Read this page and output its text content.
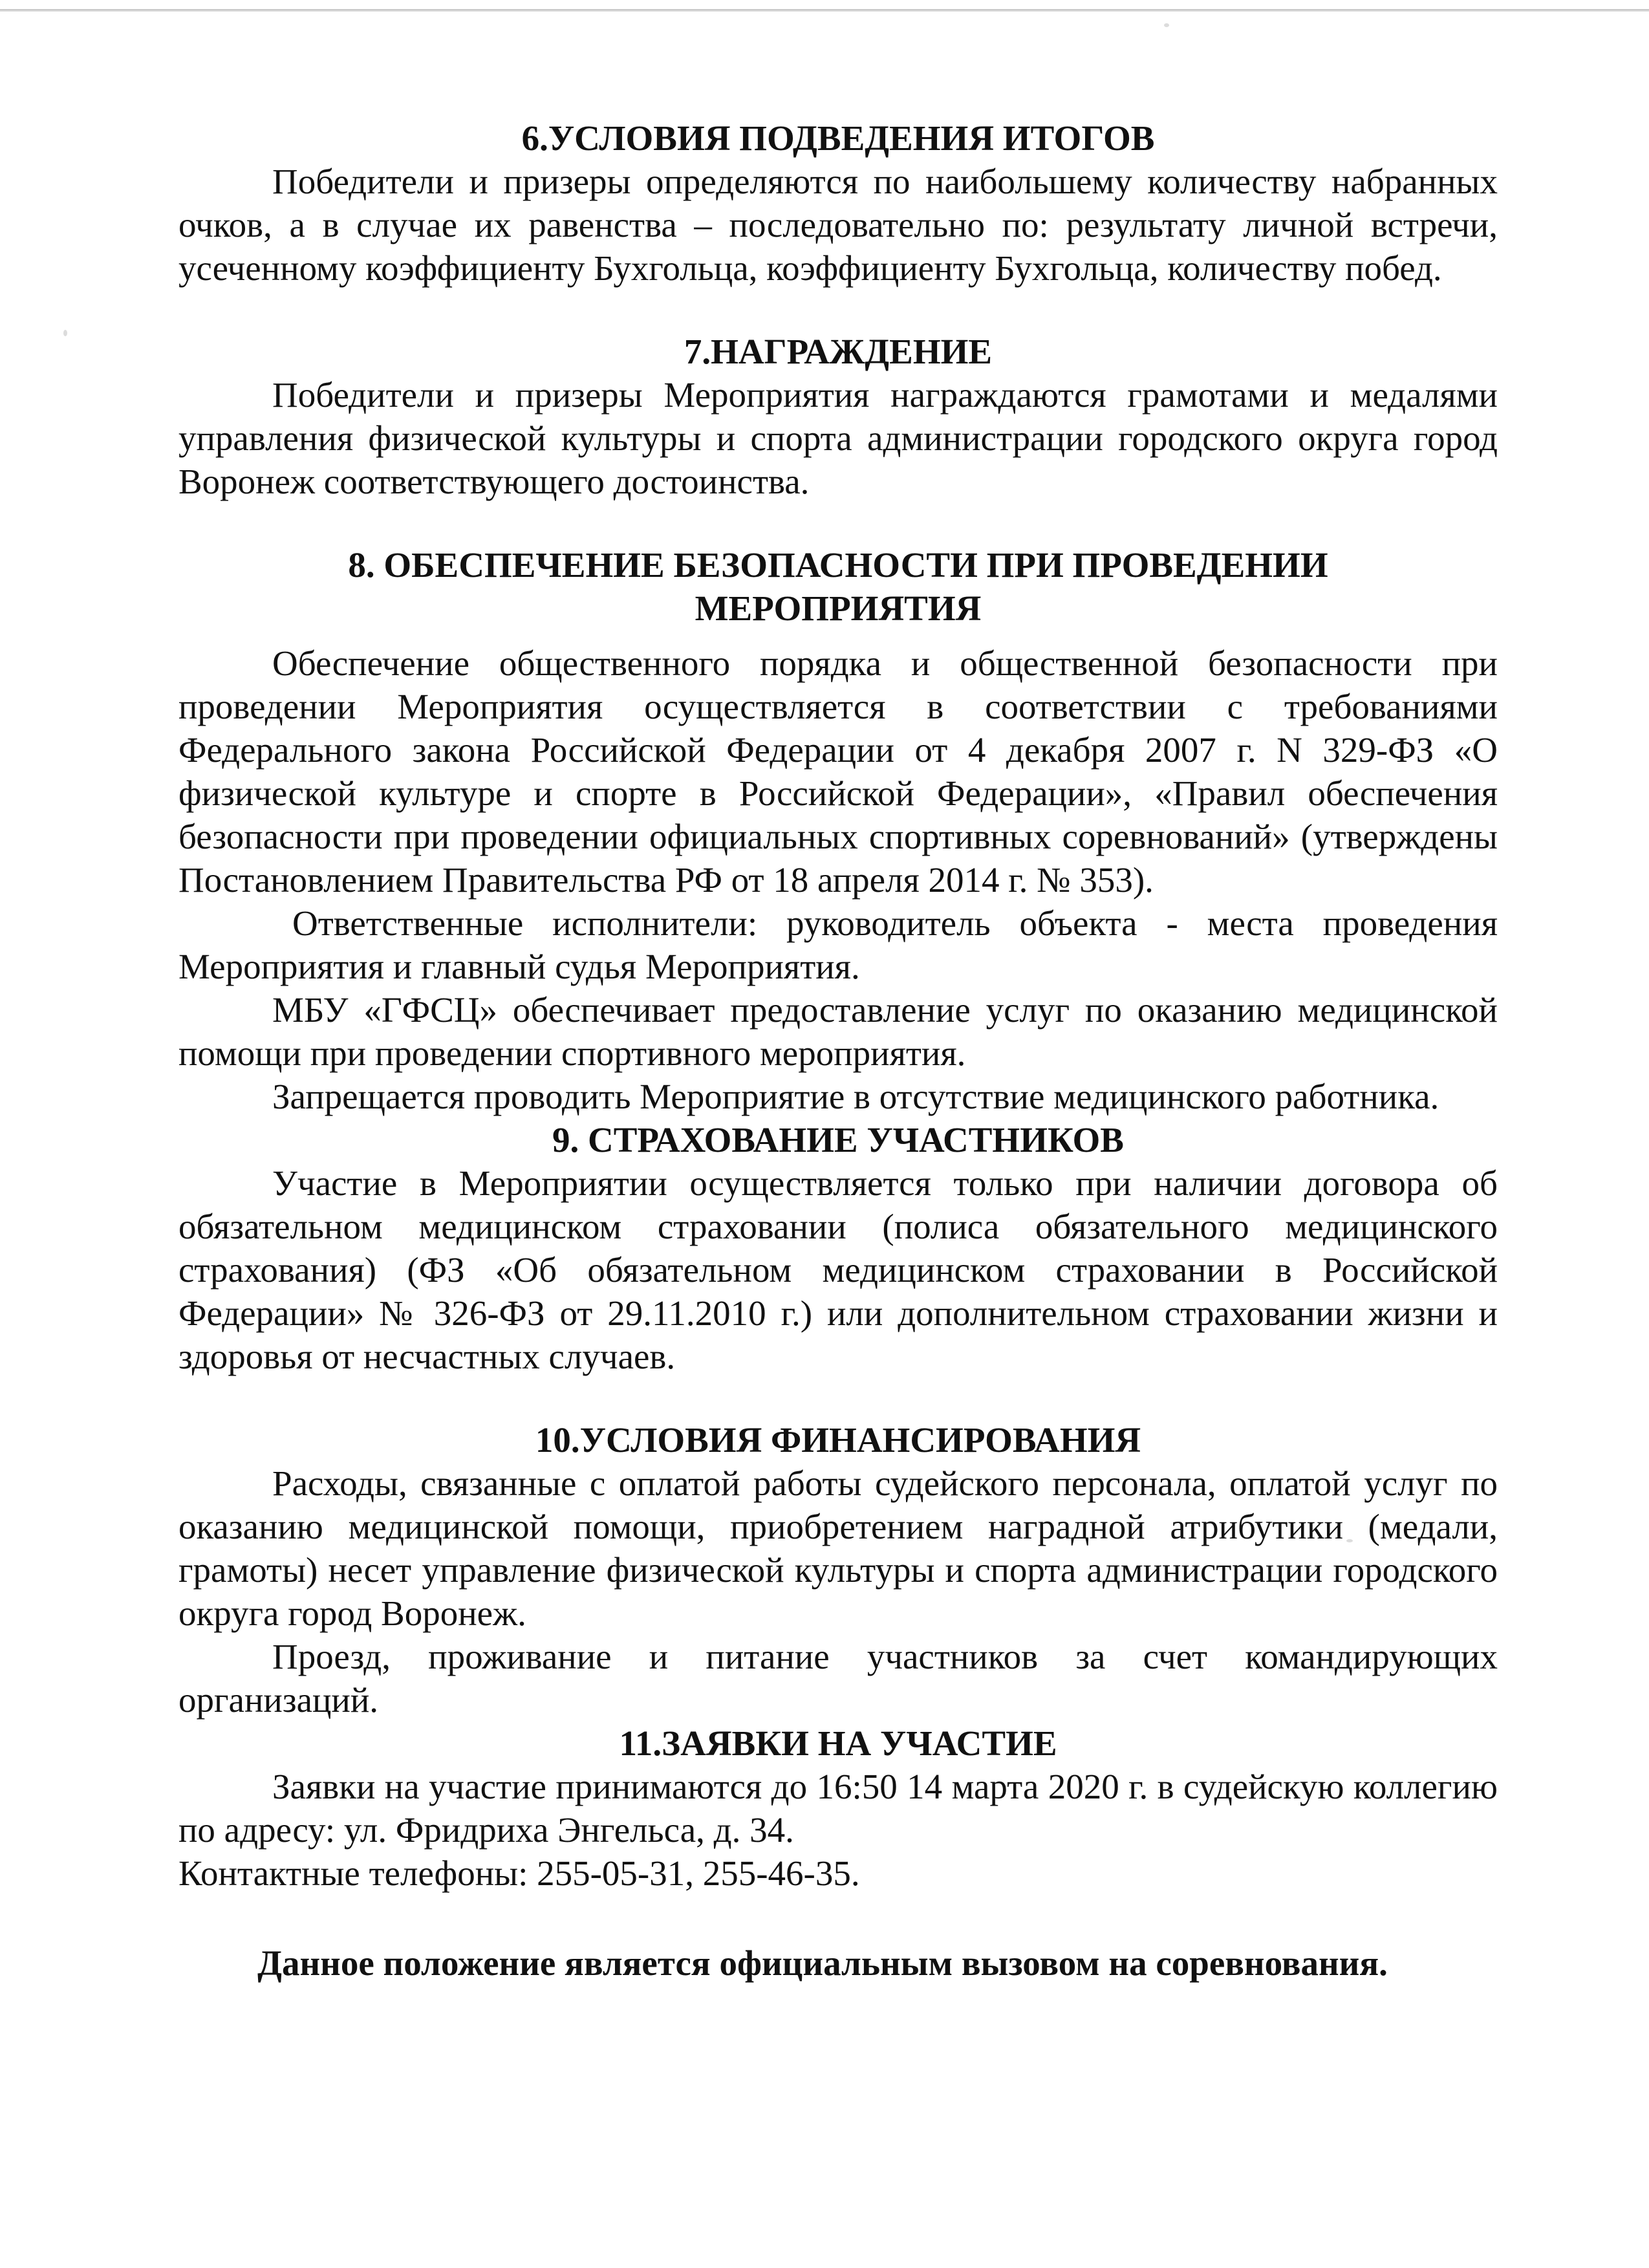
6.УСЛОВИЯ ПОДВЕДЕНИЯ ИТОГОВ

Победители и призеры определяются по наибольшему количеству набранных очков, а в случае их равенства – последовательно по: результату личной встречи, усеченному коэффициенту Бухгольца, коэффициенту Бухгольца, количеству побед.

7.НАГРАЖДЕНИЕ

Победители и призеры Мероприятия награждаются грамотами и медалями управления физической культуры и спорта администрации городского округа город Воронеж соответствующего достоинства.

8. ОБЕСПЕЧЕНИЕ БЕЗОПАСНОСТИ ПРИ ПРОВЕДЕНИИ
МЕРОПРИЯТИЯ

Обеспечение общественного порядка и общественной безопасности при проведении Мероприятия осуществляется в соответствии с требованиями Федерального закона Российской Федерации от 4 декабря 2007 г. N 329-ФЗ «О физической культуре и спорте в Российской Федерации», «Правил обеспечения безопасности при проведении официальных спортивных соревнований» (утверждены Постановлением Правительства РФ от 18 апреля 2014 г. № 353).

Ответственные исполнители: руководитель объекта - места проведения Мероприятия и главный судья Мероприятия.

МБУ «ГФСЦ» обеспечивает предоставление услуг по оказанию медицинской помощи при проведении спортивного мероприятия.

Запрещается проводить Мероприятие в отсутствие медицинского работника.

9. СТРАХОВАНИЕ УЧАСТНИКОВ

Участие в Мероприятии осуществляется только при наличии договора об обязательном медицинском страховании (полиса обязательного медицинского страхования) (ФЗ «Об обязательном медицинском страховании в Российской Федерации» № 326-ФЗ от 29.11.2010 г.) или дополнительном страховании жизни и здоровья от несчастных случаев.

10.УСЛОВИЯ ФИНАНСИРОВАНИЯ

Расходы, связанные с оплатой работы судейского персонала, оплатой услуг по оказанию медицинской помощи, приобретением наградной атрибутики (медали, грамоты) несет управление физической культуры и спорта администрации городского округа город Воронеж.

Проезд, проживание и питание участников за счет командирующих организаций.

11.ЗАЯВКИ НА УЧАСТИЕ

Заявки на участие принимаются до 16:50 14 марта 2020 г. в судейскую коллегию по адресу: ул. Фридриха Энгельса, д. 34.

Контактные телефоны: 255-05-31, 255-46-35.

Данное положение является официальным вызовом на соревнования.
